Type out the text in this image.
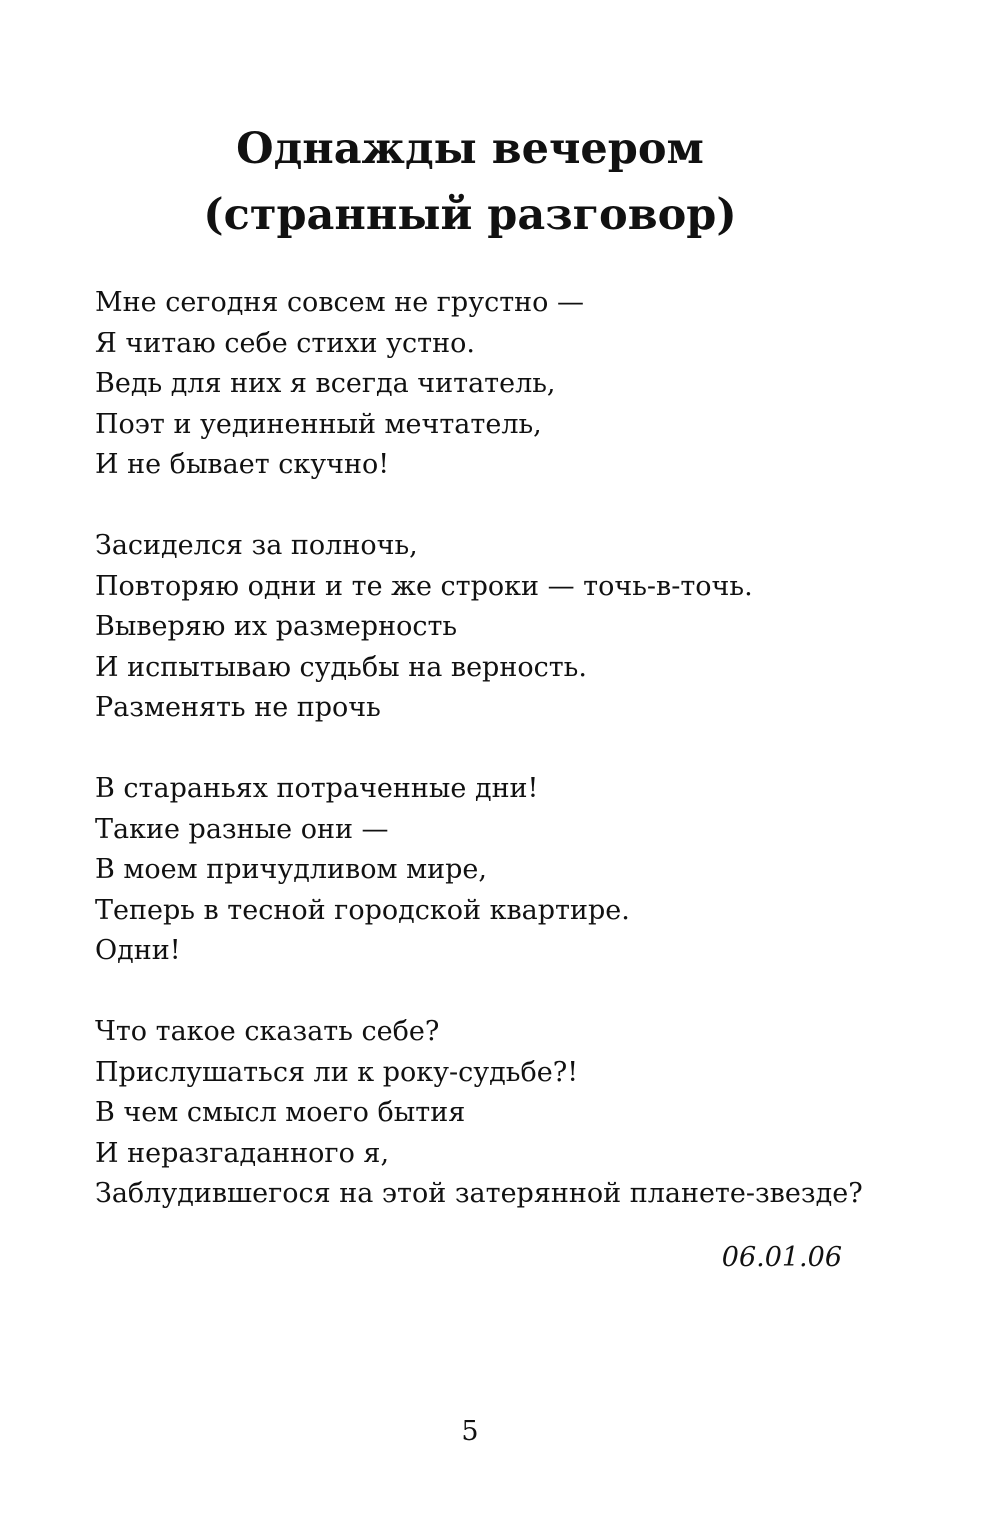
Однажды вечером
(странный разговор)
Мне сегодня совсем не грустно —
Я читаю себе стихи устно.
Ведь для них я всегда читатель,
Поэт и уединенный мечтатель,
И не бывает скучно!
Засиделся за полночь,
Повторяю одни и те же строки — точь-в-точь.
Выверяю их размерность
И испытываю судьбы на верность.
Разменять не прочь
В стараньях потраченные дни!
Такие разные они —
В моем причудливом мире,
Теперь в тесной городской квартире.
Одни!
Что такое сказать себе?
Прислушаться ли к року-судьбе?!
В чем смысл моего бытия
И неразгаданного я,
Заблудившегося на этой затерянной планете-звезде?
06.01.06
5
